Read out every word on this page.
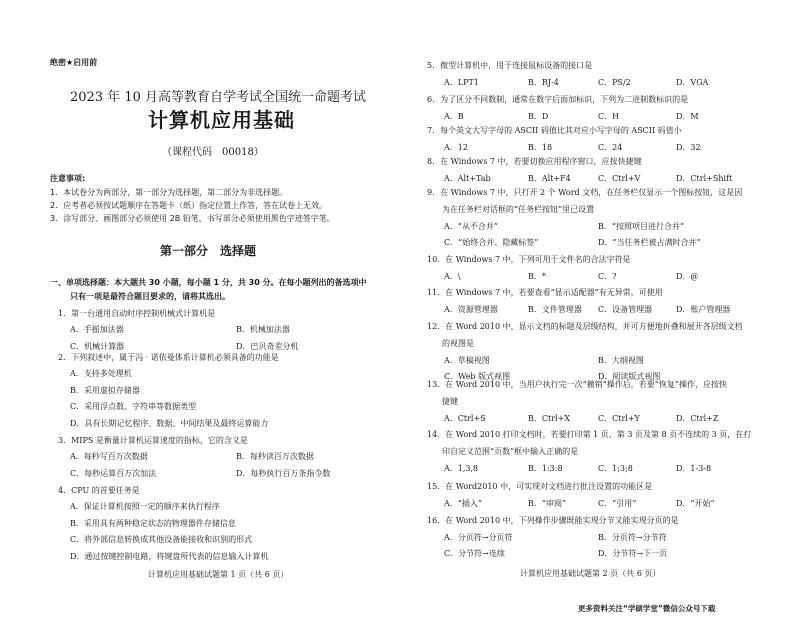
绝密★启用前
2023 年 10 月高等教育自学考试全国统一命题考试
计算机应用基础
（课程代码　00018）
注意事项:
1．本试卷分为两部分，第一部分为选择题，第二部分为非选择题。
2．应考者必须按试题顺序在答题卡（纸）指定位置上作答，答在试卷上无效。
3．涂写部分、画图部分必须使用 2B 铅笔，书写部分必须使用黑色字迹签字笔。
第一部分　选择题
一、单项选择题：本大题共 30 小题，每小题 1 分，共 30 分。在每小题列出的备选项中
只有一项是最符合题目要求的，请将其选出。
计算机应用基础试题第 1 页（共 6 页）
1．第一台通用自动时序控制机械式计算机是
A．手摇加法器	B．机械加法器
C．机械计算器	D．巴贝奇差分机
2．下列叙述中，属于冯 · 诺依曼体系计算机必须具备的功能是
A．支持多处理机
B．采用虚拟存储器
C．采用浮点数、字符串等数据类型
D．具有长期记忆程序、数据、中间结果及最终运算能力
3．MIPS 是衡量计算机运算速度的指标，它的含义是
A．每秒写百万次数据	B．每秒读百万次数据
C．每秒运算百万次加法	D．每秒执行百万条指令数
4．CPU 的首要任务是
A．保证计算机按照一定的顺序来执行程序
B．采用具有两种稳定状态的物理器件存储信息
C．将外部信息转换成其他设备能接收和识别的形式
D．通过按键控制电路，将键盘所代表的信息输入计算机
计算机应用基础试题第 2 页（共 6 页）
5．微型计算机中，用于连接鼠标设备的接口是
A．LPT1	B．RJ-4	C．PS/2	D．VGA
6．为了区分不同数制，通常在数字后面加标识，下列为二进制数标识的是
A．B	B．D	C．H	D．M
7．每个英文大写字母的 ASCII 码值比其对应小写字母的 ASCII 码值小
A．12	B．18	C．24	D．32
8．在 Windows 7 中，若要切换应用程序窗口，应按快捷键
A．Alt+Tab	B．Alt+F4	C．Ctrl+V	D．Ctrl+Shift
9．在 Windows 7 中，只打开 2 个 Word 文档，在任务栏仅显示一个图标按钮，这是因
为在任务栏对话框的“任务栏按钮”里已设置
A．“从不合并”	B．“按照项目进行合并”
C．“始终合并、隐藏标签”	D．“当任务栏被占满时合并”
10．在 Windows 7 中，下列可用于文件名的合法字符是
A．\	B．*	C．?	D．@
11．在 Windows 7 中，若要查看“显示适配器”有无异常，可使用
A．资源管理器	B．文件管理器 C．设备管理器	D．账户管理器
12．在 Word 2010 中，显示文档的标题及层级结构，并可方便地折叠和展开各层级文档
的视图是
A．草稿视图	B．大纲视图
C．Web 版式视图	D．阅读版式视图
13．在 Word 2010 中，当用户执行完一次“撤销”操作后，若要“恢复”操作，应按快
捷键
A．Ctrl+S	B．Ctrl+X	C．Ctrl+Y	D．Ctrl+Z
14．在 Word 2010 打印文档时，若要打印第 1 页、第 3 页及第 8 页不连续的 3 页，在打
印自定义范围“页数”框中输入正确的是
A．1,3,8	B．1:3:8	C．1;3;8	D．1-3-8
15．在 Word2010 中，可实现对文档进行批注设置的功能区是
A．“插入”	B．“审阅”	C．“引用”	D．“开始”
16．在 Word 2010 中，下列操作步骤既能实现分节又能实现分页的是
A．分页符→分页符	B．分页符→分节符
C．分节符→连续	D．分节符→下一页
更多资料关注“学硕学堂”微信公众号下载
